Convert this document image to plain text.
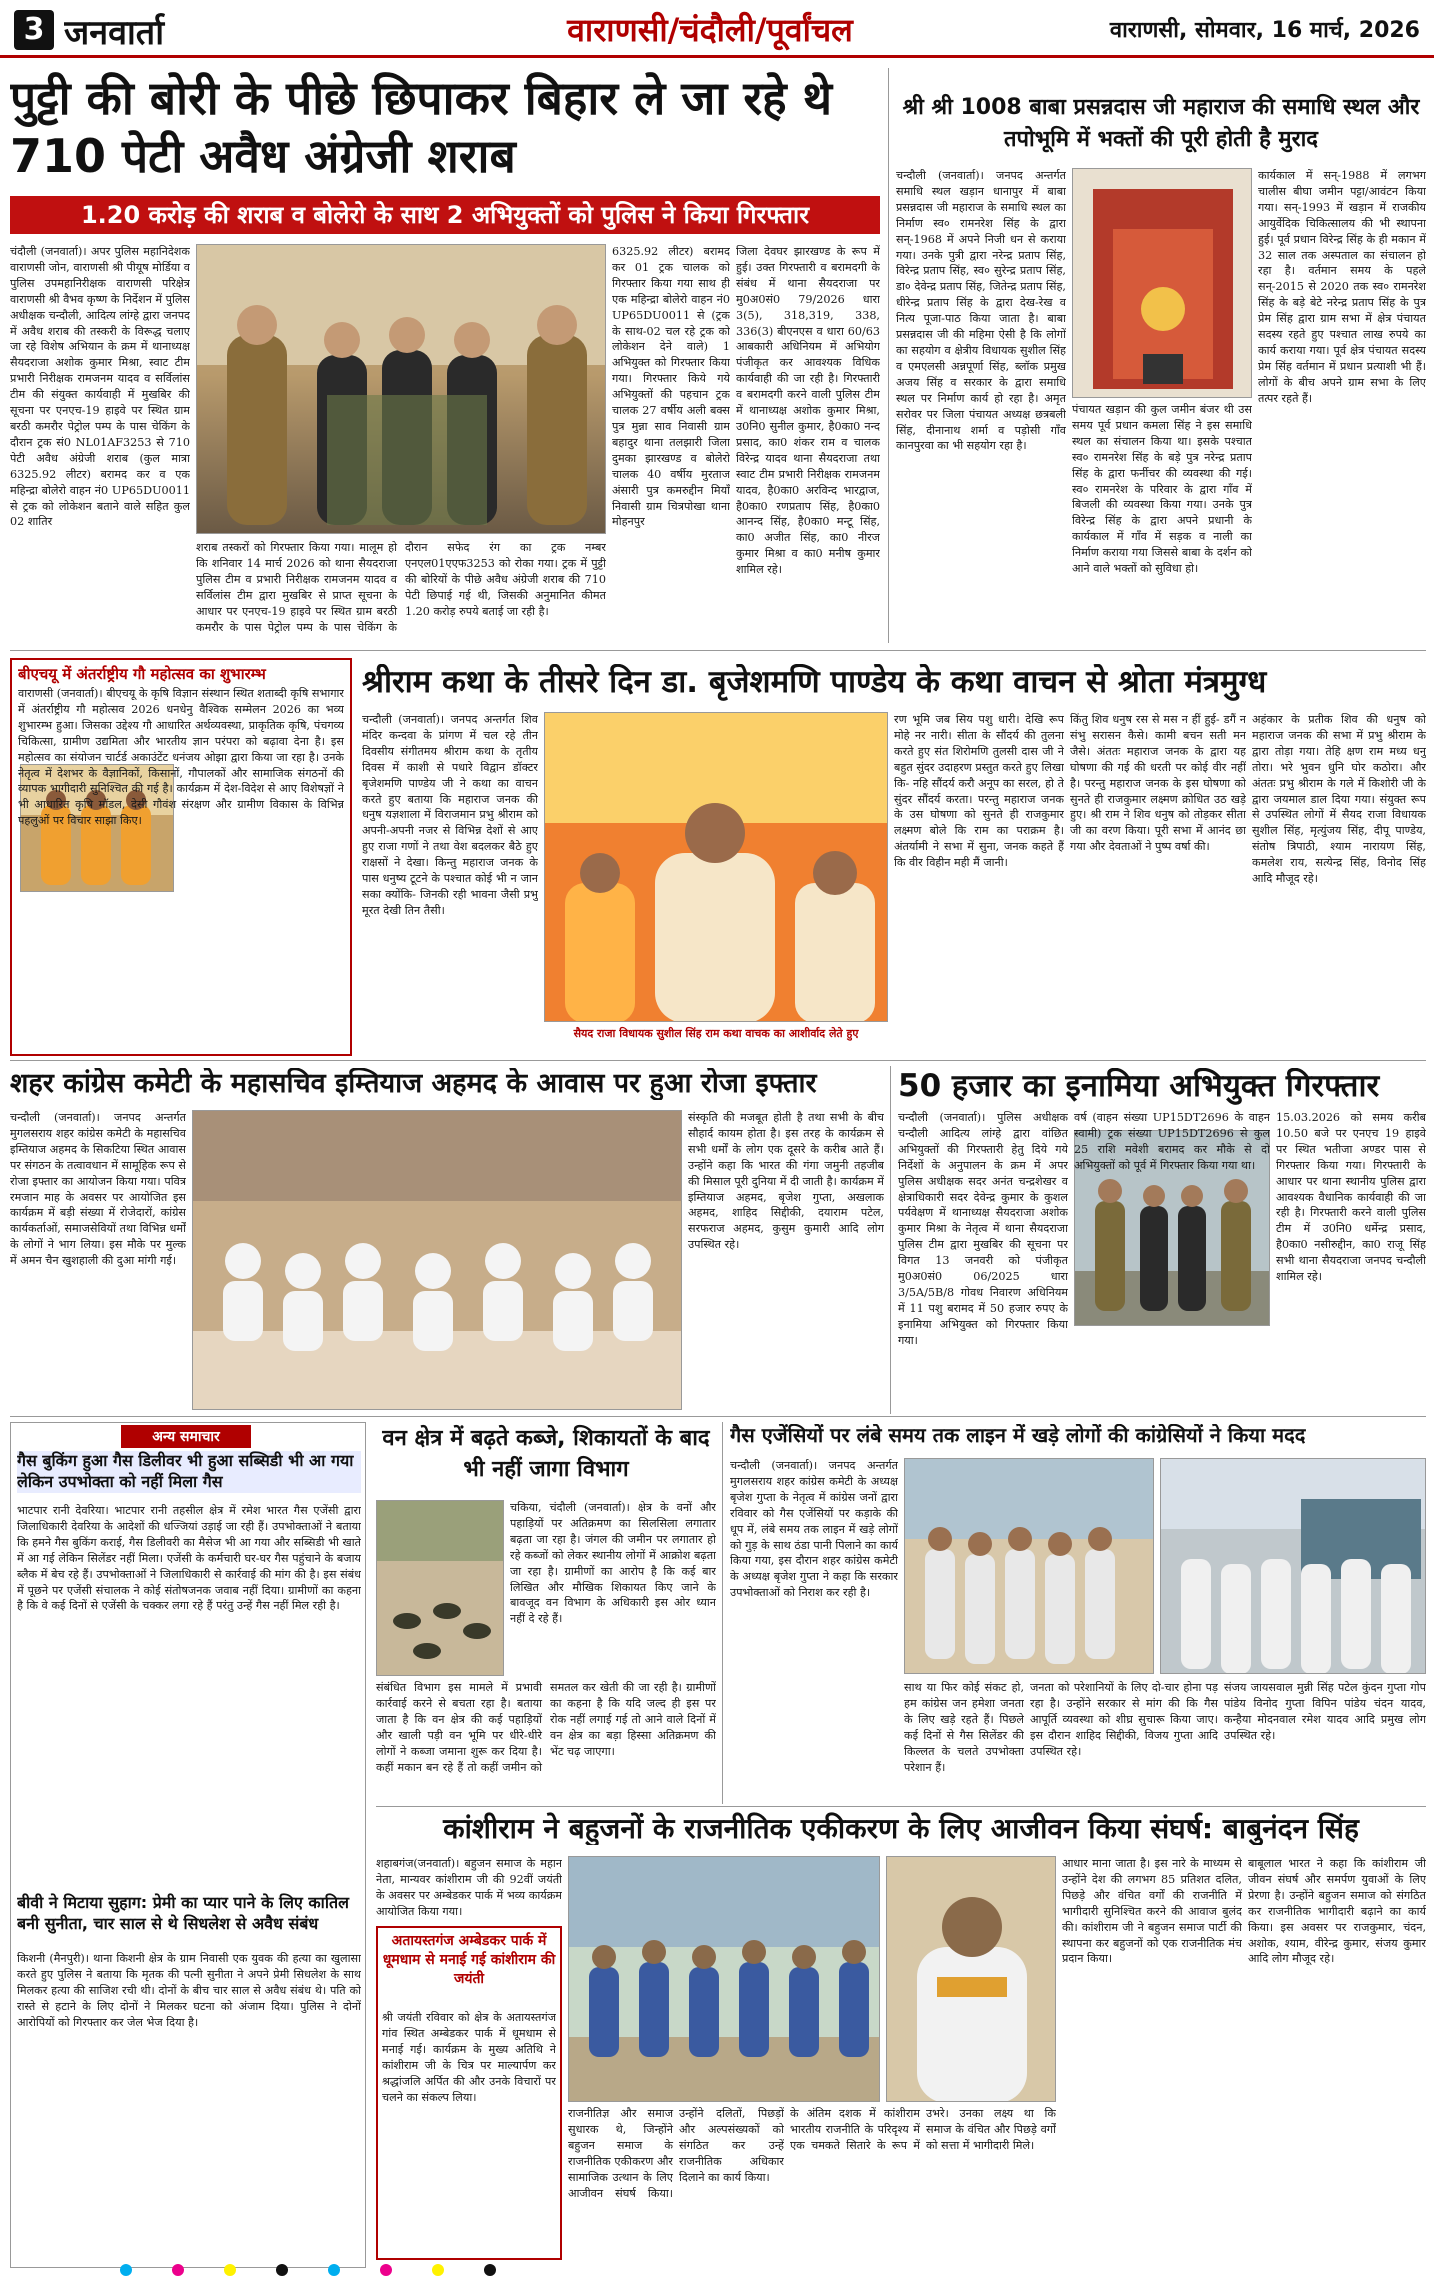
3 जनवार्ता	वाराणसी/चंदौली/पूर्वांचल	वाराणसी, सोमवार, 16 मार्च, 2026
पुट्टी की बोरी के पीछे छिपाकर बिहार ले जा रहे थे 710 पेटी अवैध अंग्रेजी शराब
1.20 करोड़ की शराब व बोलेरो के साथ 2 अभियुक्तों को पुलिस ने किया गिरफ्तार
चंदौली (जनवार्ता)। अपर पुलिस महानिदेशक वाराणसी जोन, वाराणसी श्री पीयूष मोर्डिया व पुलिस उपमहानिरीक्षक वाराणसी परिक्षेत्र वाराणसी श्री वैभव कृष्ण के निर्देशन में पुलिस अधीक्षक चन्दौली, आदित्य लांग्हे द्वारा जनपद में अवैध शराब की तस्करी के विरूद्ध चलाए जा रहे विशेष अभियान के क्रम में थानाध्यक्ष सैयदराजा अशोक कुमार मिश्रा, स्वाट टीम प्रभारी निरीक्षक रामजनम यादव व सर्विलांस टीम की संयुक्त कार्यवाही में मुखबिर की सूचना पर एनएच-19 हाइवे पर स्थित ग्राम बरठी कमरौर पेट्रोल पम्प के पास चेकिंग के दौरान ट्रक सं0 NL01AF3253 से 710 पेटी अवैध अंग्रेजी शराब (कुल मात्रा 6325.92 लीटर) बरामद कर व एक महिन्द्रा बोलेरो वाहन नं0 UP65DU0011 से ट्रक को लोकेशन बताने वाले सहित कुल 02 शातिर
शराब तस्करों को गिरफ्तार किया गया। मालूम हो कि शनिवार 14 मार्च 2026 को थाना सैयदराजा पुलिस टीम व प्रभारी निरीक्षक रामजनम यादव व सर्विलांस टीम द्वारा मुखबिर से प्राप्त सूचना के आधार पर एनएच-19 हाइवे पर स्थित ग्राम बरठी कमरौर के पास पेट्रोल पम्प के पास चेकिंग के दौरान सफेद रंग का ट्रक नम्बर एनएल01एएफ3253 को रोका गया। ट्रक में पुट्टी की बोरियों के पीछे अवैध अंग्रेजी शराब की 710 पेटी छिपाई गई थी, जिसकी अनुमानित कीमत 1.20 करोड़ रुपये बताई जा रही है।
6325.92 लीटर) बरामद कर 01 ट्रक चालक को गिरफ्तार किया गया साथ ही एक महिन्द्रा बोलेरो वाहन नं0 UP65DU0011 से (ट्रक के साथ-02 चल रहे ट्रक को लोकेशन देने वाले) 1 अभियुक्त को गिरफ्तार किया गया। गिरफ्तार किये गये अभियुक्तों की पहचान ट्रक चालक 27 वर्षीय अली बक्स पुत्र मुन्ना साव निवासी ग्राम बहादुर थाना तलझारी जिला दुमका झारखण्ड व बोलेरो चालक 40 वर्षीय मुरताज अंसारी पुत्र कमरुद्दीन मियाँ निवासी ग्राम चित्रपोखा थाना मोहनपुर
जिला देवघर झारखण्ड के रूप में हुई। उक्त गिरफ्तारी व बरामदगी के संबंध में थाना सैयदराजा पर मु0अ0सं0 79/2026 धारा 3(5), 318,319, 338, 336(3) बीएनएस व धारा 60/63 आबकारी अधिनियम में अभियोग पंजीकृत कर आवश्यक विधिक कार्यवाही की जा रही है। गिरफ्तारी व बरामदगी करने वाली पुलिस टीम में थानाध्यक्ष अशोक कुमार मिश्रा, उ0नि0 सुनील कुमार, है0का0 नन्द प्रसाद, का0 शंकर राम व चालक विरेन्द्र यादव थाना सैयदराजा तथा स्वाट टीम प्रभारी निरीक्षक रामजनम यादव, है0का0 अरविन्द भारद्वाज, है0का0 रणप्रताप सिंह, है0का0 आनन्द सिंह, है0का0 मन्टू सिंह, का0 अजीत सिंह, का0 नीरज कुमार मिश्रा व का0 मनीष कुमार शामिल रहे।
श्री श्री 1008 बाबा प्रसन्नदास जी महाराज की समाधि स्थल और तपोभूमि में भक्तों की पूरी होती है मुराद
चन्दौली (जनवार्ता)। जनपद अन्तर्गत समाधि स्थल खड़ान धानापुर में बाबा प्रसन्नदास जी महाराज के समाधि स्थल का निर्माण स्व० रामनरेश सिंह के द्वारा सन्-1968 में अपने निजी धन से कराया गया। उनके पुत्री द्वारा नरेन्द्र प्रताप सिंह, विरेन्द्र प्रताप सिंह, स्व० सुरेन्द्र प्रताप सिंह, डा० देवेन्द्र प्रताप सिंह, जितेन्द्र प्रताप सिंह, धीरेन्द्र प्रताप सिंह के द्वारा देख-रेख व नित्य पूजा-पाठ किया जाता है। बाबा प्रसन्नदास जी की महिमा ऐसी है कि लोगों का सहयोग व क्षेत्रीय विधायक सुशील सिंह व एमएलसी अन्नपूर्णा सिंह, ब्लॉक प्रमुख अजय सिंह व सरकार के द्वारा समाधि स्थल पर निर्माण कार्य हो रहा है। अमृत सरोवर पर जिला पंचायत अध्यक्ष छत्रबली सिंह, दीनानाथ शर्मा व पड़ोसी गाँव कानपुरवा का भी सहयोग रहा है।
पंचायत खड़ान की कुल जमीन बंजर थी उस समय पूर्व प्रधान कमला सिंह ने इस समाधि स्थल का संचालन किया था। इसके पश्चात स्व० रामनरेश सिंह के बड़े पुत्र नरेन्द्र प्रताप सिंह के द्वारा फर्नीचर की व्यवस्था की गई। स्व० रामनरेश के परिवार के द्वारा गाँव में बिजली की व्यवस्था किया गया। उनके पुत्र विरेन्द्र सिंह के द्वारा अपने प्रधानी के कार्यकाल में गाँव में सड़क व नाली का निर्माण कराया गया जिससे बाबा के दर्शन को आने वाले भक्तों को सुविधा हो।
कार्यकाल में सन्-1988 में लगभग चालीस बीघा जमीन पट्टा/आवंटन किया गया। सन्-1993 में खड़ान में राजकीय आयुर्वेदिक चिकित्सालय की भी स्थापना हुई। पूर्व प्रधान विरेन्द्र सिंह के ही मकान में 32 साल तक अस्पताल का संचालन हो रहा है। वर्तमान समय के पहले सन्-2015 से 2020 तक स्व० रामनरेश सिंह के बड़े बेटे नरेन्द्र प्रताप सिंह के पुत्र प्रेम सिंह द्वारा ग्राम सभा में क्षेत्र पंचायत सदस्य रहते हुए पश्चात लाख रुपये का कार्य कराया गया। पूर्व क्षेत्र पंचायत सदस्य प्रेम सिंह वर्तमान में प्रधान प्रत्याशी भी हैं। लोगों के बीच अपने ग्राम सभा के लिए तत्पर रहते हैं।
बीएचयू में अंतर्राष्ट्रीय गौ महोत्सव का शुभारम्भ
वाराणसी (जनवार्ता)। बीएचयू के कृषि विज्ञान संस्थान स्थित शताब्दी कृषि सभागार में अंतर्राष्ट्रीय गौ महोत्सव 2026 धनधेनु वैश्विक सम्मेलन 2026 का भव्य शुभारम्भ हुआ। जिसका उद्देश्य गौ आधारित अर्थव्यवस्था, प्राकृतिक कृषि, पंचगव्य चिकित्सा, ग्रामीण उद्यमिता और भारतीय ज्ञान परंपरा को बढ़ावा देना है। इस महोत्सव का संयोजन चार्टर्ड अकाउंटेंट धनंजय ओझा द्वारा किया जा रहा है। उनके नेतृत्व में देशभर के वैज्ञानिकों, किसानों, गौपालकों और सामाजिक संगठनों की व्यापक भागीदारी सुनिश्चित की गई है। कार्यक्रम में देश-विदेश से आए विशेषज्ञों ने भी आधारित कृषि मॉडल, देसी गौवंश संरक्षण और ग्रामीण विकास के विभिन्न पहलुओं पर विचार साझा किए।
श्रीराम कथा के तीसरे दिन डा. बृजेशमणि पाण्डेय के कथा वाचन से श्रोता मंत्रमुग्ध
चन्दौली (जनवार्ता)। जनपद अन्तर्गत शिव मंदिर कन्दवा के प्रांगण में चल रहे तीन दिवसीय संगीतमय श्रीराम कथा के तृतीय दिवस में काशी से पधारे विद्वान डॉक्टर बृजेशमणि पाण्डेय जी ने कथा का वाचन करते हुए बताया कि महाराज जनक की धनुष यज्ञशाला में विराजमान प्रभु श्रीराम को अपनी-अपनी नजर से विभिन्न देशों से आए हुए राजा गणों ने तथा वेश बदलकर बैठे हुए राक्षसों ने देखा। किन्तु महाराज जनक के पास धनुष्य टूटने के पश्चात कोई भी न जान सका क्योंकि- जिनकी रही भावना जैसी प्रभु मूरत देखी तिन तैसी।
सैयद राजा विधायक सुशील सिंह राम कथा वाचक का आशीर्वाद लेते हुए
रण भूमि जब सिय पशु धारी। देखि रूप मोहे नर नारी। सीता के सौंदर्य की तुलना करते हुए संत शिरोमणि तुलसी दास जी ने बहुत सुंदर उदाहरण प्रस्तुत करते हुए लिखा कि- नहि सौंदर्य करौ अनूप का सरल, हो ते सुंदर सौंदर्य करता। परन्तु महाराज जनक के उस घोषणा को सुनते ही राजकुमार लक्ष्मण बोले कि राम का पराक्रम है। अंतर्यामी ने सभा में सुना, जनक कहते हैं कि वीर विहीन मही मैं जानी।
किंतु शिव धनुष रस से मस न हीं हुई- डगैं न संभु सरासन कैसे। कामी बचन सती मन जैसे। अंततः महाराज जनक के द्वारा यह घोषणा की गई की धरती पर कोई वीर नहीं है। परन्तु महाराज जनक के इस घोषणा को सुनते ही राजकुमार लक्ष्मण क्रोधित उठ खड़े हुए। श्री राम ने शिव धनुष को तोड़कर सीता जी का वरण किया। पूरी सभा में आनंद छा गया और देवताओं ने पुष्प वर्षा की।
अहंकार के प्रतीक शिव की धनुष को महाराज जनक की सभा में प्रभु श्रीराम के द्वारा तोड़ा गया। तेहि क्षण राम मध्य धनु तोरा। भरे भुवन धुनि घोर कठोरा। और अंततः प्रभु श्रीराम के गले में किशोरी जी के द्वारा जयमाल डाल दिया गया। संयुक्त रूप से उपस्थित लोगों में सैयद राजा विधायक सुशील सिंह, मृत्युंजय सिंह, दीपू पाण्डेय, संतोष त्रिपाठी, श्याम नारायण सिंह, कमलेश राय, सत्येन्द्र सिंह, विनोद सिंह आदि मौजूद रहे।
शहर कांग्रेस कमेटी के महासचिव इम्तियाज अहमद के आवास पर हुआ रोजा इफ्तार
चन्दौली (जनवार्ता)। जनपद अन्तर्गत मुगलसराय शहर कांग्रेस कमेटी के महासचिव इम्तियाज अहमद के सिकटिया स्थित आवास पर संगठन के तत्वावधान में सामूहिक रूप से रोजा इफ्तार का आयोजन किया गया। पवित्र रमजान माह के अवसर पर आयोजित इस कार्यक्रम में बड़ी संख्या में रोजेदारों, कांग्रेस कार्यकर्ताओं, समाजसेवियों तथा विभिन्न धर्मों के लोगों ने भाग लिया। इस मौके पर मुल्क में अमन चैन खुशहाली की दुआ मांगी गई।
संस्कृति की मजबूत होती है तथा सभी के बीच सौहार्द कायम होता है। इस तरह के कार्यक्रम से सभी धर्मों के लोग एक दूसरे के करीब आते हैं। उन्होंने कहा कि भारत की गंगा जमुनी तहजीब की मिसाल पूरी दुनिया में दी जाती है। कार्यक्रम में इम्तियाज अहमद, बृजेश गुप्ता, अखलाक अहमद, शाहिद सिद्दीकी, दयाराम पटेल, सरफराज अहमद, कुसुम कुमारी आदि लोग उपस्थित रहे।
50 हजार का इनामिया अभियुक्त गिरफ्तार
चन्दौली (जनवार्ता)। पुलिस अधीक्षक चन्दौली आदित्य लांग्हे द्वारा वांछित अभियुक्तों की गिरफ्तारी हेतु दिये गये निर्देशों के अनुपालन के क्रम में अपर पुलिस अधीक्षक सदर अनंत चन्द्रशेखर व क्षेत्राधिकारी सदर देवेन्द्र कुमार के कुशल पर्यवेक्षण में थानाध्यक्ष सैयदराजा अशोक कुमार मिश्रा के नेतृत्व में थाना सैयदराजा पुलिस टीम द्वारा मुखबिर की सूचना पर विगत 13 जनवरी को पंजीकृत मु0अ0सं0 06/2025 धारा 3/5A/5B/8 गोवध निवारण अधिनियम में 11 पशु बरामद में 50 हजार रुपए के इनामिया अभियुक्त को गिरफ्तार किया गया।
वर्ष (वाहन संख्या UP15DT2696 के वाहन स्वामी) ट्रक संख्या UP15DT2696 से कुल 25 राशि मवेशी बरामद कर मौके से दो अभियुक्तों को पूर्व में गिरफ्तार किया गया था।
15.03.2026 को समय करीब 10.50 बजे पर एनएच 19 हाइवे पर स्थित भतीजा अण्डर पास से गिरफ्तार किया गया। गिरफ्तारी के आधार पर थाना स्थानीय पुलिस द्वारा आवश्यक वैधानिक कार्यवाही की जा रही है। गिरफ्तारी करने वाली पुलिस टीम में उ0नि0 धर्मेन्द्र प्रसाद, है0का0 नसीरुद्दीन, का0 राजू सिंह सभी थाना सैयदराजा जनपद चन्दौली शामिल रहे।
अन्य समाचार
गैस बुकिंग हुआ गैस डिलीवर भी हुआ सब्सिडी भी आ गया लेकिन उपभोक्ता को नहीं मिला गैस
भाटपार रानी देवरिया। भाटपार रानी तहसील क्षेत्र में रमेश भारत गैस एजेंसी द्वारा जिलाधिकारी देवरिया के आदेशों की धज्जियां उड़ाई जा रही हैं। उपभोक्ताओं ने बताया कि हमने गैस बुकिंग कराई, गैस डिलीवरी का मैसेज भी आ गया और सब्सिडी भी खाते में आ गई लेकिन सिलेंडर नहीं मिला। एजेंसी के कर्मचारी घर-घर गैस पहुंचाने के बजाय ब्लैक में बेच रहे हैं। उपभोक्ताओं ने जिलाधिकारी से कार्रवाई की मांग की है। इस संबंध में पूछने पर एजेंसी संचालक ने कोई संतोषजनक जवाब नहीं दिया। ग्रामीणों का कहना है कि वे कई दिनों से एजेंसी के चक्कर लगा रहे हैं परंतु उन्हें गैस नहीं मिल रही है।
बीवी ने मिटाया सुहाग: प्रेमी का प्यार पाने के लिए कातिल बनी सुनीता, चार साल से थे सिधलेश से अवैध संबंध
किशनी (मैनपुरी)। थाना किशनी क्षेत्र के ग्राम निवासी एक युवक की हत्या का खुलासा करते हुए पुलिस ने बताया कि मृतक की पत्नी सुनीता ने अपने प्रेमी सिधलेश के साथ मिलकर हत्या की साजिश रची थी। दोनों के बीच चार साल से अवैध संबंध थे। पति को रास्ते से हटाने के लिए दोनों ने मिलकर घटना को अंजाम दिया। पुलिस ने दोनों आरोपियों को गिरफ्तार कर जेल भेज दिया है।
वन क्षेत्र में बढ़ते कब्जे, शिकायतों के बाद भी नहीं जागा विभाग
चकिया, चंदौली (जनवार्ता)। क्षेत्र के वनों और पहाड़ियों पर अतिक्रमण का सिलसिला लगातार बढ़ता जा रहा है। जंगल की जमीन पर लगातार हो रहे कब्जों को लेकर स्थानीय लोगों में आक्रोश बढ़ता जा रहा है। ग्रामीणों का आरोप है कि कई बार लिखित और मौखिक शिकायत किए जाने के बावजूद वन विभाग के अधिकारी इस ओर ध्यान नहीं दे रहे हैं।
संबंधित विभाग इस मामले में प्रभावी कार्रवाई करने से बचता रहा है। बताया जाता है कि वन क्षेत्र की कई पहाड़ियों और खाली पड़ी वन भूमि पर धीरे-धीरे लोगों ने कब्जा जमाना शुरू कर दिया है। कहीं मकान बन रहे हैं तो कहीं जमीन को समतल कर खेती की जा रही है। ग्रामीणों का कहना है कि यदि जल्द ही इस पर रोक नहीं लगाई गई तो आने वाले दिनों में वन क्षेत्र का बड़ा हिस्सा अतिक्रमण की भेंट चढ़ जाएगा।
गैस एजेंसियों पर लंबे समय तक लाइन में खड़े लोगों की कांग्रेसियों ने किया मदद
चन्दौली (जनवार्ता)। जनपद अन्तर्गत मुगलसराय शहर कांग्रेस कमेटी के अध्यक्ष बृजेश गुप्ता के नेतृत्व में कांग्रेस जनों द्वारा रविवार को गैस एजेंसियों पर कड़ाके की धूप में, लंबे समय तक लाइन में खड़े लोगों को गुड़ के साथ ठंडा पानी पिलाने का कार्य किया गया, इस दौरान शहर कांग्रेस कमेटी के अध्यक्ष बृजेश गुप्ता ने कहा कि सरकार उपभोक्ताओं को निराश कर रही है।
साथ या फिर कोई संकट हो, हम कांग्रेस जन हमेशा जनता के लिए खड़े रहते हैं। पिछले कई दिनों से गैस सिलेंडर की किल्लत के चलते उपभोक्ता परेशान हैं।
जनता को परेशानियों के लिए दो-चार होना पड़ रहा है। उन्होंने सरकार से मांग की कि गैस आपूर्ति व्यवस्था को शीघ्र सुचारू किया जाए। इस दौरान शाहिद सिद्दीकी, विजय गुप्ता आदि उपस्थित रहे।
संजय जायसवाल मुन्नी सिंह पटेल कुंदन गुप्ता गोप पांडेय विनोद गुप्ता विपिन पांडेय चंदन यादव, कन्हैया मोदनवाल रमेश यादव आदि प्रमुख लोग उपस्थित रहे।
कांशीराम ने बहुजनों के राजनीतिक एकीकरण के लिए आजीवन किया संघर्ष: बाबुनंदन सिंह
शहाबगंज(जनवार्ता)। बहुजन समाज के महान नेता, मान्यवर कांशीराम जी की 92वीं जयंती के अवसर पर अम्बेडकर पार्क में भव्य कार्यक्रम आयोजित किया गया।
अतायस्तगंज अम्बेडकर पार्क में धूमधाम से मनाई गई कांशीराम की जयंती
श्री जयंती रविवार को क्षेत्र के अतायस्तगंज गांव स्थित अम्बेडकर पार्क में धूमधाम से मनाई गई। कार्यक्रम के मुख्य अतिथि ने कांशीराम जी के चित्र पर माल्यार्पण कर श्रद्धांजलि अर्पित की और उनके विचारों पर चलने का संकल्प लिया।
राजनीतिज्ञ और समाज सुधारक थे, जिन्होंने बहुजन समाज के राजनीतिक एकीकरण और सामाजिक उत्थान के लिए आजीवन संघर्ष किया। उन्होंने दलितों, पिछड़ों और अल्पसंख्यकों को संगठित कर उन्हें राजनीतिक अधिकार दिलाने का कार्य किया।
के अंतिम दशक में कांशीराम भारतीय राजनीति के परिदृश्य में एक चमकते सितारे के रूप में उभरे। उनका लक्ष्य था कि समाज के वंचित और पिछड़े वर्गों को सत्ता में भागीदारी मिले।
आधार माना जाता है। इस नारे के माध्यम से उन्होंने देश की लगभग 85 प्रतिशत दलित, पिछड़े और वंचित वर्गों की राजनीति में भागीदारी सुनिश्चित करने की आवाज बुलंद की। कांशीराम जी ने बहुजन समाज पार्टी की स्थापना कर बहुजनों को एक राजनीतिक मंच प्रदान किया।
बाबूलाल भारत ने कहा कि कांशीराम जी जीवन संघर्ष और समर्पण युवाओं के लिए प्रेरणा है। उन्होंने बहुजन समाज को संगठित कर राजनीतिक भागीदारी बढ़ाने का कार्य किया। इस अवसर पर राजकुमार, चंदन, अशोक, श्याम, वीरेन्द्र कुमार, संजय कुमार आदि लोग मौजूद रहे।
